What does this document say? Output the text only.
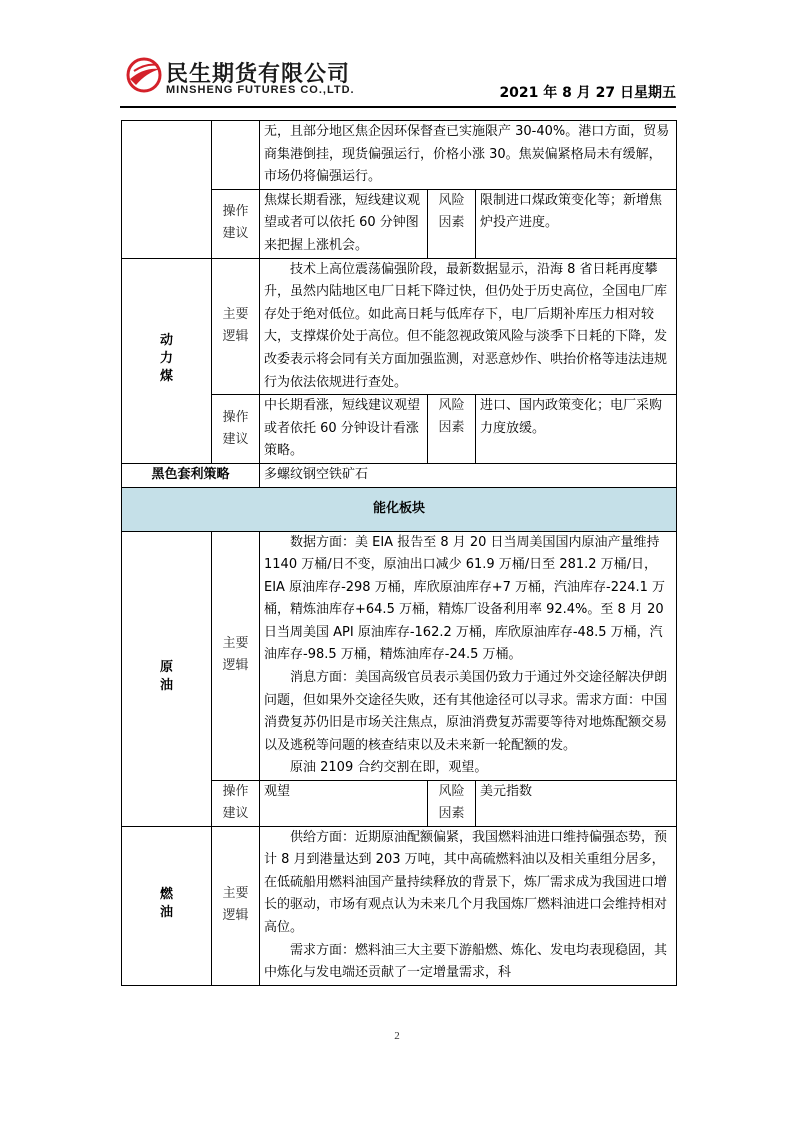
民生期货有限公司
MINSHENG FUTURES CO.,LTD.	2021 年 8 月 27 日星期五
		无，且部分地区焦企因环保督查已实施限产 30-40%。港口方面，贸易商集港倒挂，现货偏强运行，价格小涨 30。焦炭偏紧格局未有缓解，市场仍将偏强运行。		
	操作建议	焦煤长期看涨，短线建议观望或者可以依托 60 分钟图来把握上涨机会。	风险因素	限制进口煤政策变化等；新增焦炉投产进度。
动力煤	主要逻辑	技术上高位震荡偏强阶段，最新数据显示，沿海 8 省日耗再度攀升，虽然内陆地区电厂日耗下降过快，但仍处于历史高位，全国电厂库存处于绝对低位。如此高日耗与低库存下，电厂后期补库压力相对较大，支撑煤价处于高位。但不能忽视政策风险与淡季下日耗的下降，发改委表示将会同有关方面加强监测，对恶意炒作、哄抬价格等违法违规行为依法依规进行查处。		

	操作建议	中长期看涨，短线建议观望或者依托 60 分钟设计看涨策略。	风险因素	进口、国内政策变化；电厂采购力度放缓。
黑色套利策略		多螺纹钢空铁矿石		
能化板块				
原油	主要逻辑	数据方面：美 EIA 报告至 8 月 20 日当周美国国内原油产量维持 1140 万桶/日不变，原油出口减少 61.9 万桶/日至 281.2 万桶/日，EIA 原油库存-298 万桶，库欣原油库存+7 万桶，汽油库存-224.1 万桶，精炼油库存+64.5 万桶，精炼厂设备利用率 92.4%。至 8 月 20 日当周美国 API 原油库存-162.2 万桶，库欣原油库存-48.5 万桶，汽油库存-98.5 万桶，精炼油库存-24.5 万桶。

消息方面：美国高级官员表示美国仍致力于通过外交途径解决伊朗问题，但如果外交途径失败，还有其他途径可以寻求。需求方面：中国消费复苏仍旧是市场关注焦点，原油消费复苏需要等待对地炼配额交易以及逃税等问题的核查结束以及未来新一轮配额的发。

原油 2109 合约交割在即，观望。		

	操作建议	观望	风险因素	美元指数
燃油	主要逻辑	供给方面：近期原油配额偏紧，我国燃料油进口维持偏强态势，预计 8 月到港量达到 203 万吨，其中高硫燃料油以及相关重组分居多，在低硫船用燃料油国产量持续释放的背景下，炼厂需求成为我国进口增长的驱动，市场有观点认为未来几个月我国炼厂燃料油进口会维持相对高位。

需求方面：燃料油三大主要下游船燃、炼化、发电均表现稳固，其中炼化与发电端还贡献了一定增量需求，科		

2
